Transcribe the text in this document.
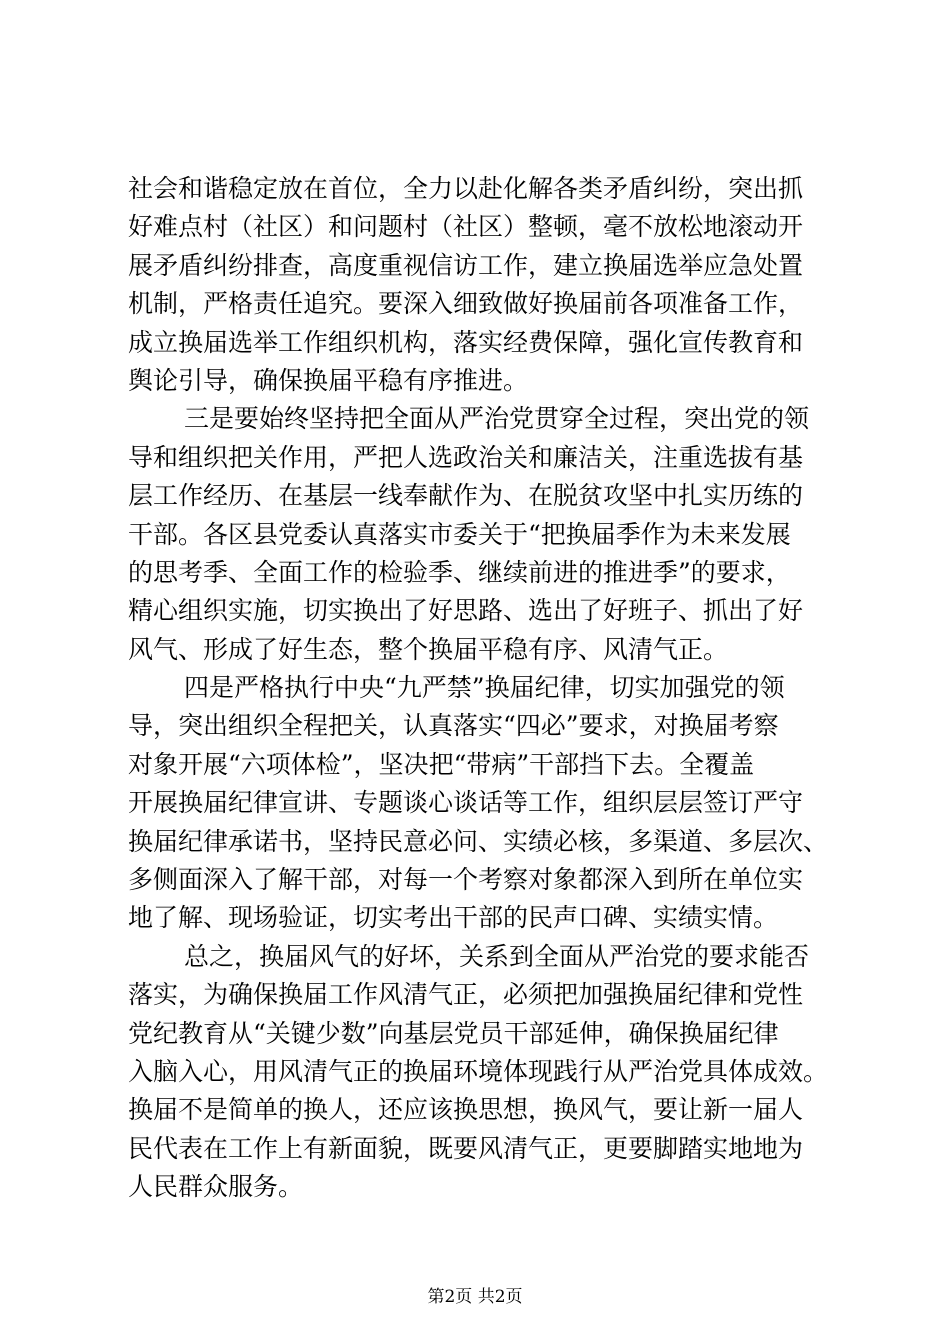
社会和谐稳定放在首位，全力以赴化解各类矛盾纠纷，突出抓
好难点村（社区）和问题村（社区）整顿，毫不放松地滚动开
展矛盾纠纷排查，高度重视信访工作，建立换届选举应急处置
机制，严格责任追究。要深入细致做好换届前各项准备工作，
成立换届选举工作组织机构，落实经费保障，强化宣传教育和
舆论引导，确保换届平稳有序推进。
三是要始终坚持把全面从严治党贯穿全过程，突出党的领
导和组织把关作用，严把人选政治关和廉洁关，注重选拔有基
层工作经历、在基层一线奉献作为、在脱贫攻坚中扎实历练的
干部。各区县党委认真落实市委关于“把换届季作为未来发展
的思考季、全面工作的检验季、继续前进的推进季”的要求，
精心组织实施，切实换出了好思路、选出了好班子、抓出了好
风气、形成了好生态，整个换届平稳有序、风清气正。
四是严格执行中央“九严禁”换届纪律，切实加强党的领
导，突出组织全程把关，认真落实“四必”要求，对换届考察
对象开展“六项体检”，坚决把“带病”干部挡下去。全覆盖
开展换届纪律宣讲、专题谈心谈话等工作，组织层层签订严守
换届纪律承诺书，坚持民意必问、实绩必核，多渠道、多层次、
多侧面深入了解干部，对每一个考察对象都深入到所在单位实
地了解、现场验证，切实考出干部的民声口碑、实绩实情。
总之，换届风气的好坏，关系到全面从严治党的要求能否
落实，为确保换届工作风清气正，必须把加强换届纪律和党性
党纪教育从“关键少数”向基层党员干部延伸，确保换届纪律
入脑入心，用风清气正的换届环境体现践行从严治党具体成效。
换届不是简单的换人，还应该换思想，换风气，要让新一届人
民代表在工作上有新面貌，既要风清气正，更要脚踏实地地为
人民群众服务。
第2页 共2页
